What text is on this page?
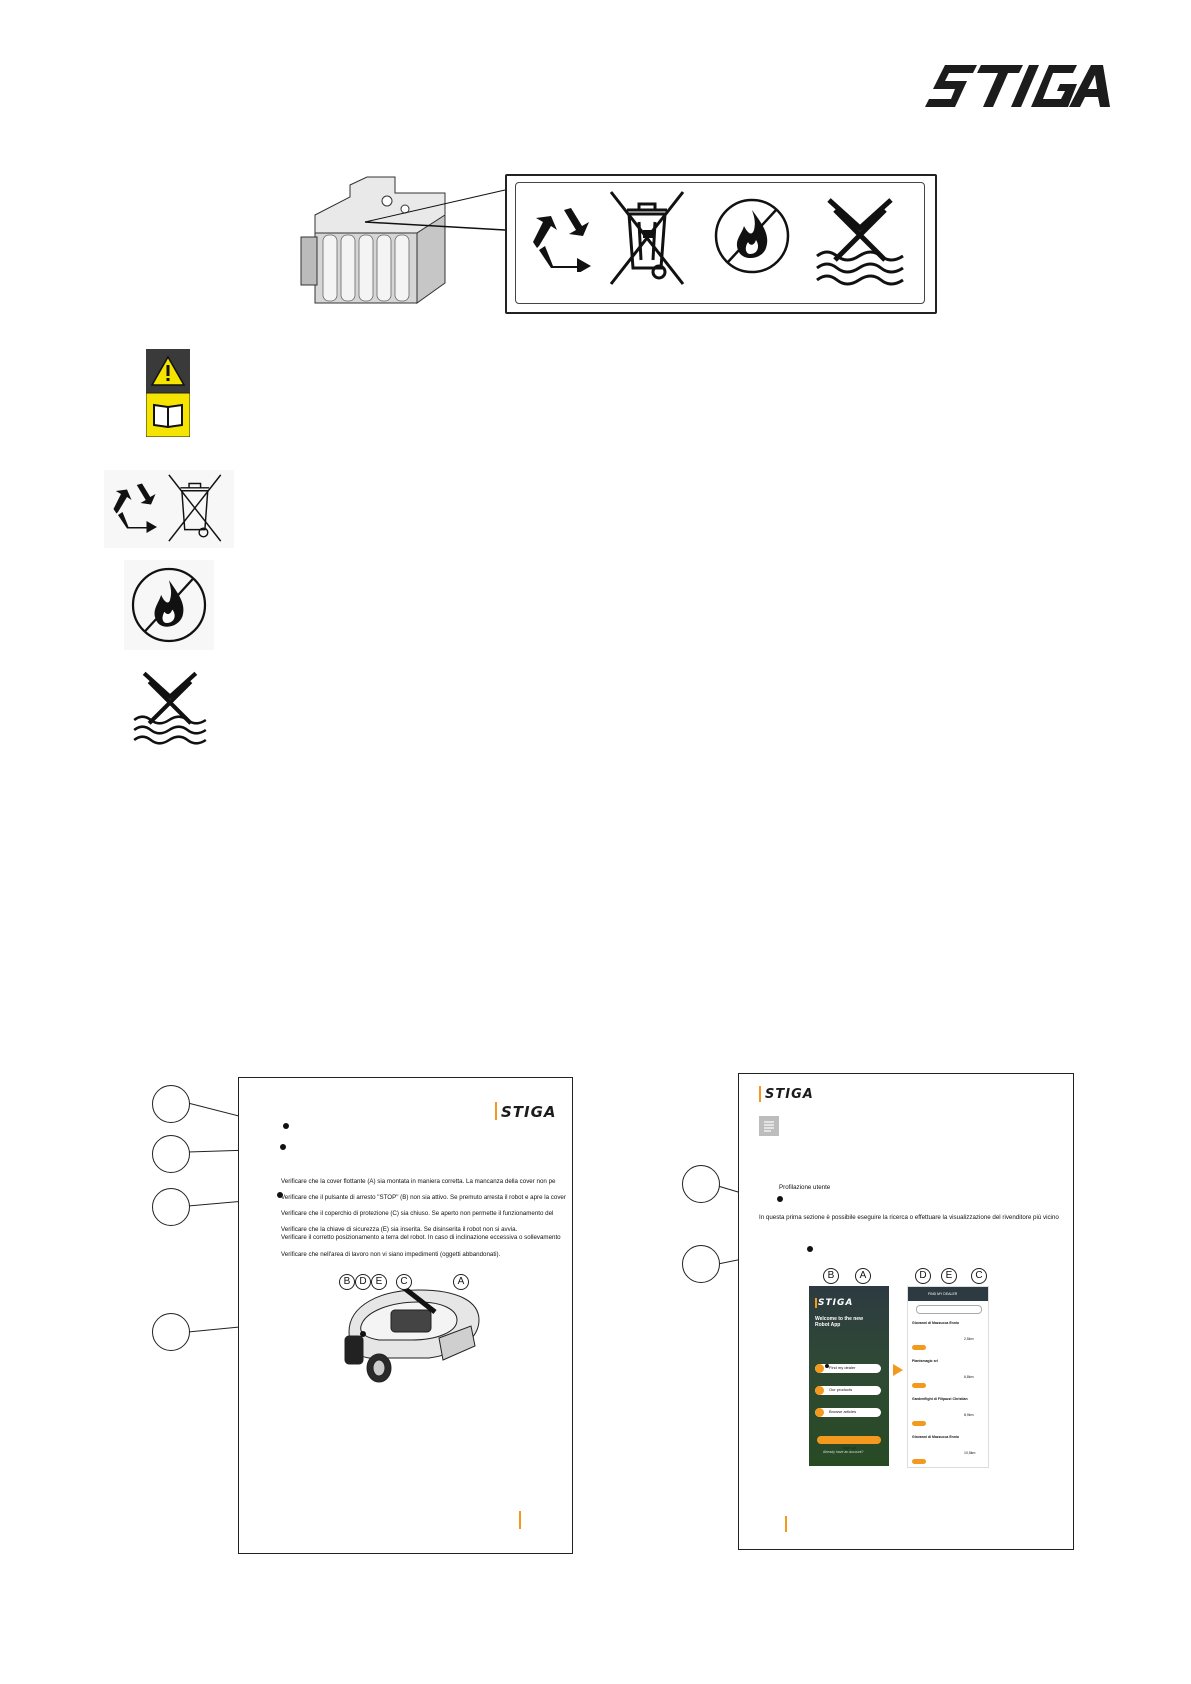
STIGA
Verificare che la cover flottante (A) sia montata in maniera corretta. La mancanza della cover non pe
Verificare che il pulsante di arresto "STOP" (B) non sia attivo. Se premuto arresta il robot e apre la cover
Verificare che il coperchio di protezione (C) sia chiuso. Se aperto non permette il funzionamento del
Verificare che la chiave di sicurezza (E) sia inserita. Se disinserita il robot non si avvia.
Verificare il corretto posizionamento a terra del robot. In caso di inclinazione eccessiva o sollevamento
Verificare che nell'area di lavoro non vi siano impedimenti (oggetti abbandonati).
B D E	C	A
STIGA
Profilazione utente
In questa prima sezione è possibile eseguire la ricerca o effettuare la visualizzazione del rivenditore più vicino
B	A	D	E	C
STIGA
Welcome to the new Robot App
Find my dealer
Our products
Browse articles
Sign up
Already have an account?
FIND MY DEALER
Giovanni di Mazzucca Ennio
2,5km
Plantsmagic srl
6,8km
Gardenflight di Filipazzi Christian
8,9km
Giovanni di Mazzucca Ennio
10,5km
